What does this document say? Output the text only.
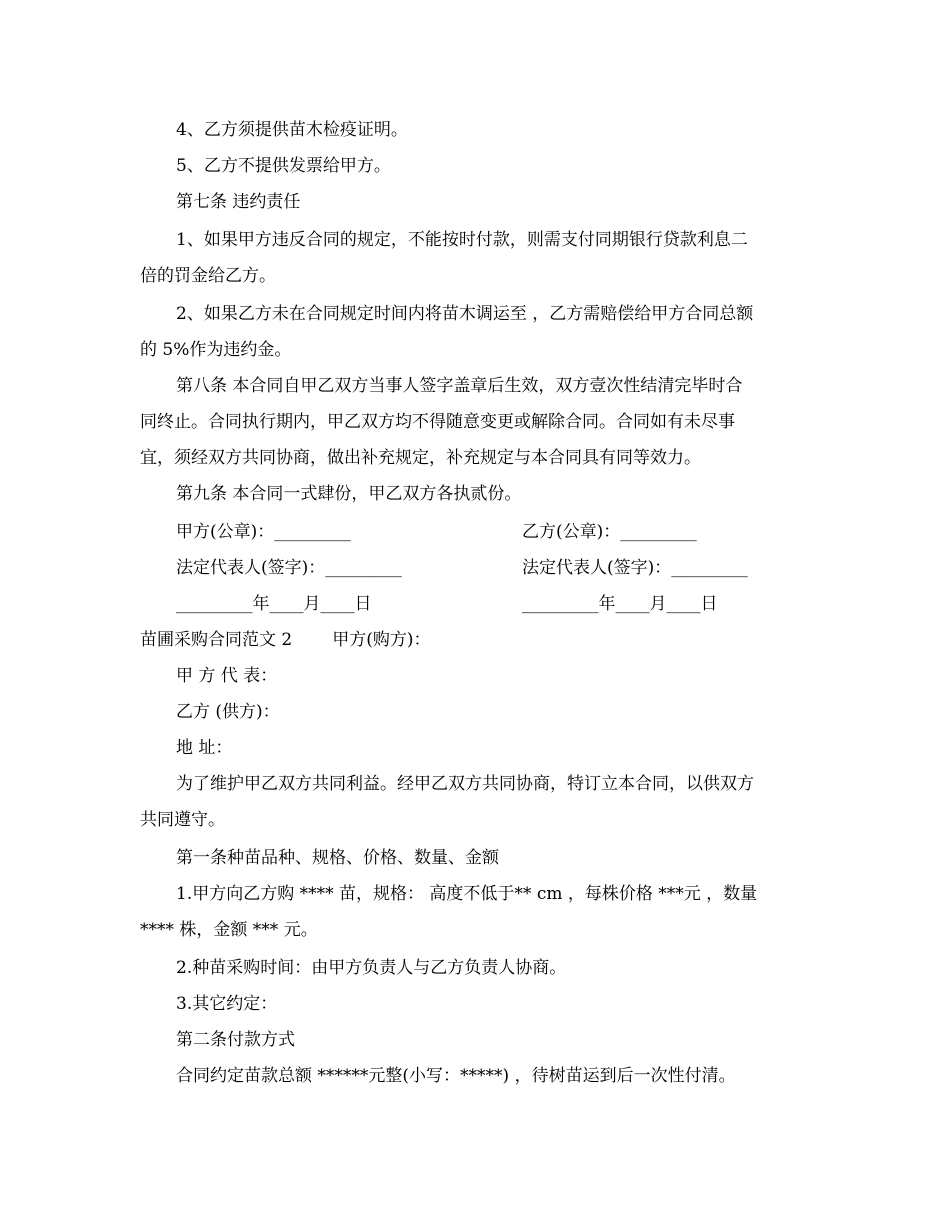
4、乙方须提供苗木检疫证明。
5、乙方不提供发票给甲方。
第七条 违约责任
1、如果甲方违反合同的规定，不能按时付款，则需支付同期银行贷款利息二
倍的罚金给乙方。
2、如果乙方未在合同规定时间内将苗木调运至 ，乙方需赔偿给甲方合同总额
的 5%作为违约金。
第八条 本合同自甲乙双方当事人签字盖章后生效，双方壹次性结清完毕时合
同终止。合同执行期内，甲乙双方均不得随意变更或解除合同。合同如有未尽事
宜，须经双方共同协商，做出补充规定，补充规定与本合同具有同等效力。
第九条 本合同一式肆份，甲乙双方各执贰份。
甲方(公章)：_________	乙方(公章)：_________
法定代表人(签字)：_________	法定代表人(签字)：_________
_________年____月____日	_________年____月____日
苗圃采购合同范文 2 甲方(购方)：
甲 方 代 表：
乙方 (供方)：
地 址：
为了维护甲乙双方共同利益。经甲乙双方共同协商，特订立本合同，以供双方
共同遵守。
第一条种苗品种、规格、价格、数量、金额
1.甲方向乙方购 **** 苗，规格： 高度不低于** cm ，每株价格 ***元 ，数量
**** 株，金额 *** 元。
2.种苗采购时间：由甲方负责人与乙方负责人协商。
3.其它约定：
第二条付款方式
合同约定苗款总额 ******元整(小写：*****) ，待树苗运到后一次性付清。
